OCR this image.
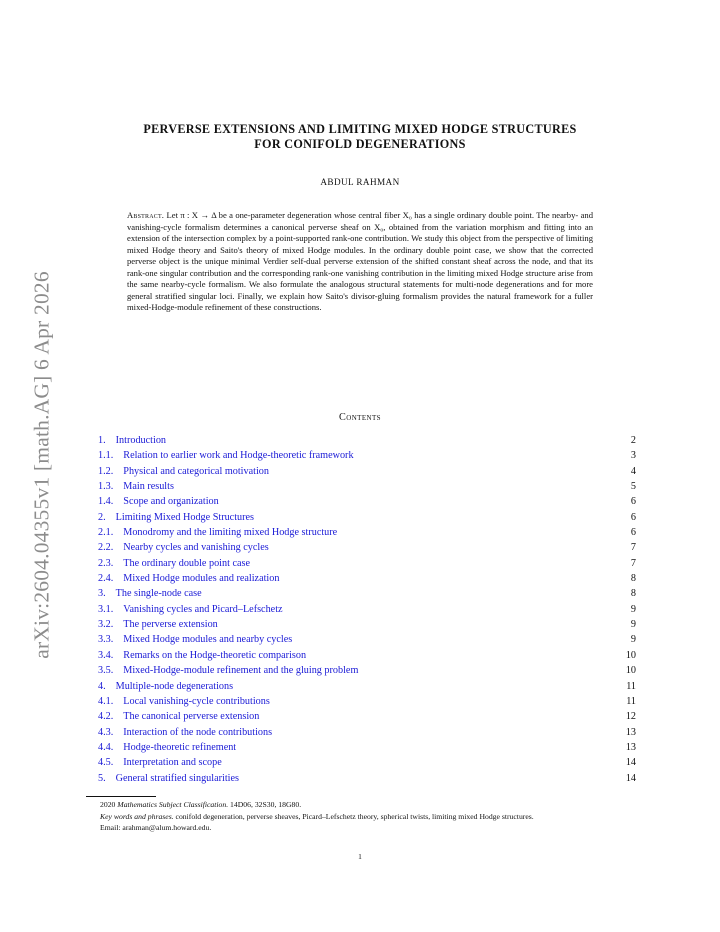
arXiv:2604.04355v1 [math.AG] 6 Apr 2026
PERVERSE EXTENSIONS AND LIMITING MIXED HODGE STRUCTURES
FOR CONIFOLD DEGENERATIONS
ABDUL RAHMAN
Abstract. Let π : X → Δ be a one-parameter degeneration whose central fiber X₀ has a single ordinary double point. The nearby- and vanishing-cycle formalism determines a canonical perverse sheaf on X₀, obtained from the variation morphism and fitting into an extension of the intersection complex by a point-supported rank-one contribution. We study this object from the perspective of limiting mixed Hodge theory and Saito's theory of mixed Hodge modules. In the ordinary double point case, we show that the corrected perverse object is the unique minimal Verdier self-dual perverse extension of the shifted constant sheaf across the node, and that its rank-one singular contribution and the corresponding rank-one vanishing contribution in the limiting mixed Hodge structure arise from the same nearby-cycle formalism. We also formulate the analogous structural statements for multi-node degenerations and for more general stratified singular loci. Finally, we explain how Saito's divisor-gluing formalism provides the natural framework for a fuller mixed-Hodge-module refinement of these constructions.
Contents
1. Introduction	2
1.1. Relation to earlier work and Hodge-theoretic framework	3
1.2. Physical and categorical motivation	4
1.3. Main results	5
1.4. Scope and organization	6
2. Limiting Mixed Hodge Structures	6
2.1. Monodromy and the limiting mixed Hodge structure	6
2.2. Nearby cycles and vanishing cycles	7
2.3. The ordinary double point case	7
2.4. Mixed Hodge modules and realization	8
3. The single-node case	8
3.1. Vanishing cycles and Picard–Lefschetz	9
3.2. The perverse extension	9
3.3. Mixed Hodge modules and nearby cycles	9
3.4. Remarks on the Hodge-theoretic comparison	10
3.5. Mixed-Hodge-module refinement and the gluing problem	10
4. Multiple-node degenerations	11
4.1. Local vanishing-cycle contributions	11
4.2. The canonical perverse extension	12
4.3. Interaction of the node contributions	13
4.4. Hodge-theoretic refinement	13
4.5. Interpretation and scope	14
5. General stratified singularities	14

2020 Mathematics Subject Classification. 14D06, 32S30, 18G80.

Key words and phrases. conifold degeneration, perverse sheaves, Picard–Lefschetz theory, spherical twists, limiting mixed Hodge structures.

Email: arahman@alum.howard.edu.

1
